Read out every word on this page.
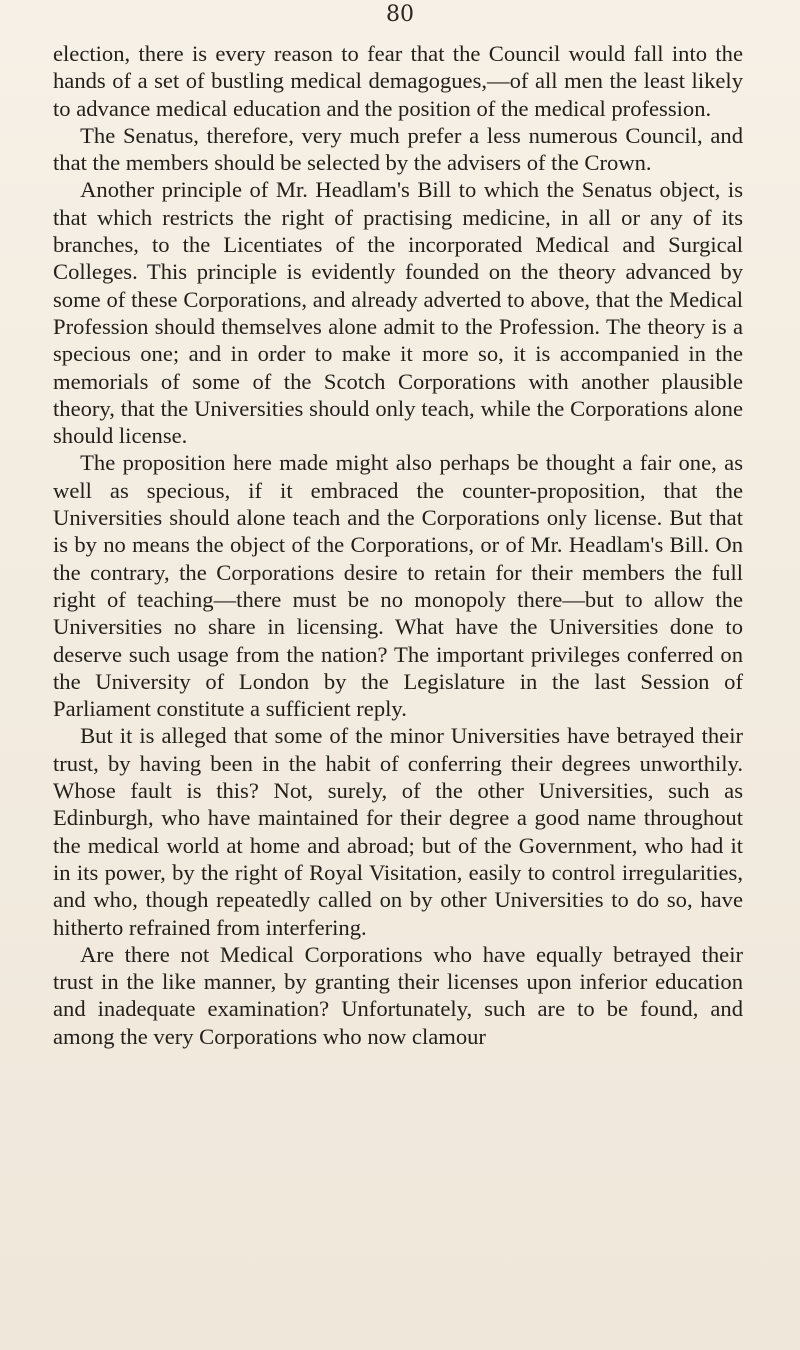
80

election, there is every reason to fear that the Council would fall into the hands of a set of bustling medical demagogues,—of all men the least likely to advance medical education and the position of the medical profession.

The Senatus, therefore, very much prefer a less numerous Council, and that the members should be selected by the advisers of the Crown.

Another principle of Mr. Headlam's Bill to which the Senatus object, is that which restricts the right of practising medicine, in all or any of its branches, to the Licentiates of the incorporated Medical and Surgical Colleges. This principle is evidently founded on the theory advanced by some of these Corporations, and already adverted to above, that the Medical Profession should themselves alone admit to the Profession. The theory is a specious one; and in order to make it more so, it is accompanied in the memorials of some of the Scotch Corporations with another plausible theory, that the Universities should only teach, while the Corporations alone should license.

The proposition here made might also perhaps be thought a fair one, as well as specious, if it embraced the counter-proposition, that the Universities should alone teach and the Corporations only license. But that is by no means the object of the Corporations, or of Mr. Headlam's Bill. On the contrary, the Corporations desire to retain for their members the full right of teaching—there must be no monopoly there—but to allow the Universities no share in licensing. What have the Universities done to deserve such usage from the nation? The important privileges conferred on the University of London by the Legislature in the last Session of Parliament constitute a sufficient reply.

But it is alleged that some of the minor Universities have betrayed their trust, by having been in the habit of conferring their degrees unworthily. Whose fault is this? Not, surely, of the other Universities, such as Edinburgh, who have maintained for their degree a good name throughout the medical world at home and abroad; but of the Government, who had it in its power, by the right of Royal Visitation, easily to control irregularities, and who, though repeatedly called on by other Universities to do so, have hitherto refrained from interfering.

Are there not Medical Corporations who have equally betrayed their trust in the like manner, by granting their licenses upon inferior education and inadequate examination? Unfortunately, such are to be found, and among the very Corporations who now clamour
